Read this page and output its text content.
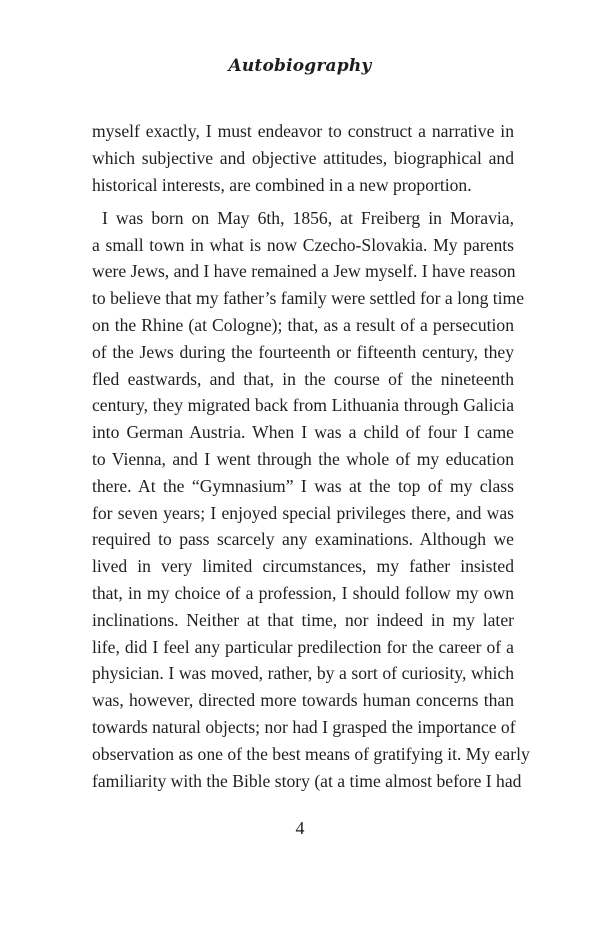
Autobiography
myself exactly, I must endeavor to construct a narrative in
which subjective and objective attitudes, biographical and
historical interests, are combined in a new proportion.
I was born on May 6th, 1856, at Freiberg in Moravia,
a small town in what is now Czecho-Slovakia. My parents
were Jews, and I have remained a Jew myself. I have reason
to believe that my father’s family were settled for a long time
on the Rhine (at Cologne); that, as a result of a persecution
of the Jews during the fourteenth or fifteenth century, they
fled eastwards, and that, in the course of the nineteenth
century, they migrated back from Lithuania through Galicia
into German Austria. When I was a child of four I came
to Vienna, and I went through the whole of my education
there. At the “Gymnasium” I was at the top of my class
for seven years; I enjoyed special privileges there, and was
required to pass scarcely any examinations. Although we
lived in very limited circumstances, my father insisted
that, in my choice of a profession, I should follow my own
inclinations. Neither at that time, nor indeed in my later
life, did I feel any particular predilection for the career of a
physician. I was moved, rather, by a sort of curiosity, which
was, however, directed more towards human concerns than
towards natural objects; nor had I grasped the importance of
observation as one of the best means of gratifying it. My early
familiarity with the Bible story (at a time almost before I had
4
